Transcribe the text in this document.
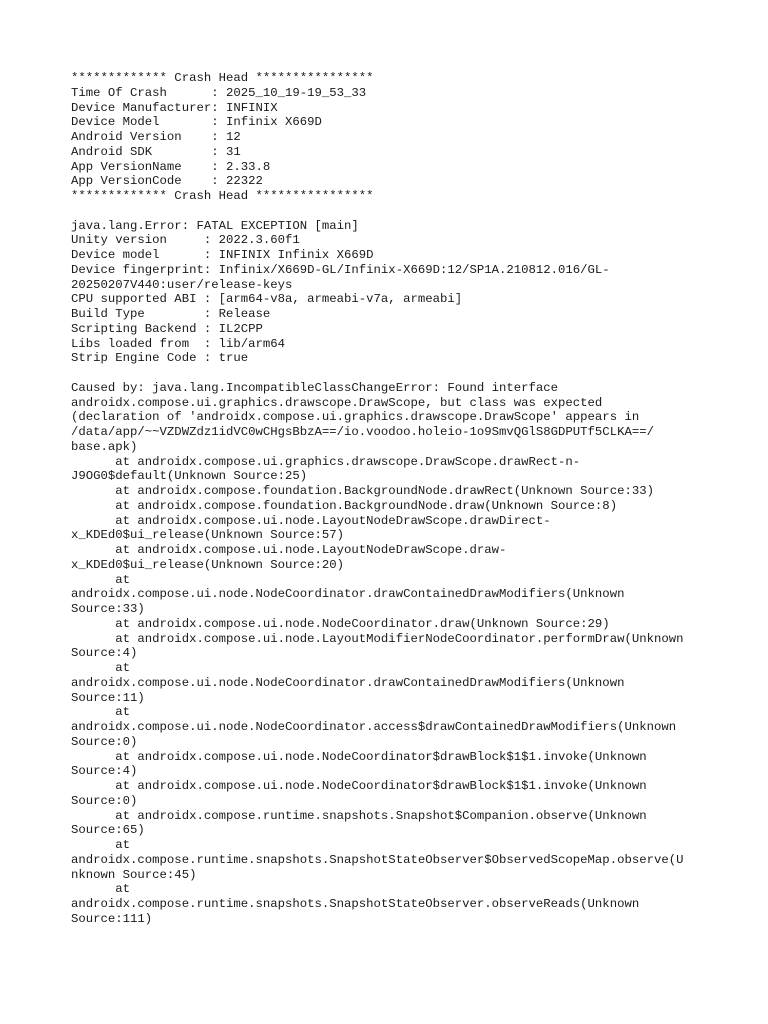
************* Crash Head ****************
Time Of Crash      : 2025_10_19-19_53_33
Device Manufacturer: INFINIX
Device Model       : Infinix X669D
Android Version    : 12
Android SDK        : 31
App VersionName    : 2.33.8
App VersionCode    : 22322
************* Crash Head ****************
java.lang.Error: FATAL EXCEPTION [main]
Unity version     : 2022.3.60f1
Device model      : INFINIX Infinix X669D
Device fingerprint: Infinix/X669D-GL/Infinix-X669D:12/SP1A.210812.016/GL-
20250207V440:user/release-keys
CPU supported ABI : [arm64-v8a, armeabi-v7a, armeabi]
Build Type        : Release
Scripting Backend : IL2CPP
Libs loaded from  : lib/arm64
Strip Engine Code : true
Caused by: java.lang.IncompatibleClassChangeError: Found interface
androidx.compose.ui.graphics.drawscope.DrawScope, but class was expected
(declaration of 'androidx.compose.ui.graphics.drawscope.DrawScope' appears in
/data/app/~~VZDWZdz1idVC0wCHgsBbzA==/io.voodoo.holeio-1o9SmvQGlS8GDPUTf5CLKA==/
base.apk)
at androidx.compose.ui.graphics.drawscope.DrawScope.drawRect-n-
J9OG0$default(Unknown Source:25)
at androidx.compose.foundation.BackgroundNode.drawRect(Unknown Source:33)
at androidx.compose.foundation.BackgroundNode.draw(Unknown Source:8)
at androidx.compose.ui.node.LayoutNodeDrawScope.drawDirect-
x_KDEd0$ui_release(Unknown Source:57)
at androidx.compose.ui.node.LayoutNodeDrawScope.draw-
x_KDEd0$ui_release(Unknown Source:20)
at
androidx.compose.ui.node.NodeCoordinator.drawContainedDrawModifiers(Unknown
Source:33)
at androidx.compose.ui.node.NodeCoordinator.draw(Unknown Source:29)
at androidx.compose.ui.node.LayoutModifierNodeCoordinator.performDraw(Unknown
Source:4)
at
androidx.compose.ui.node.NodeCoordinator.drawContainedDrawModifiers(Unknown
Source:11)
at
androidx.compose.ui.node.NodeCoordinator.access$drawContainedDrawModifiers(Unknown
Source:0)
at androidx.compose.ui.node.NodeCoordinator$drawBlock$1$1.invoke(Unknown
Source:4)
at androidx.compose.ui.node.NodeCoordinator$drawBlock$1$1.invoke(Unknown
Source:0)
at androidx.compose.runtime.snapshots.Snapshot$Companion.observe(Unknown
Source:65)
at
androidx.compose.runtime.snapshots.SnapshotStateObserver$ObservedScopeMap.observe(U
nknown Source:45)
at
androidx.compose.runtime.snapshots.SnapshotStateObserver.observeReads(Unknown
Source:111)
